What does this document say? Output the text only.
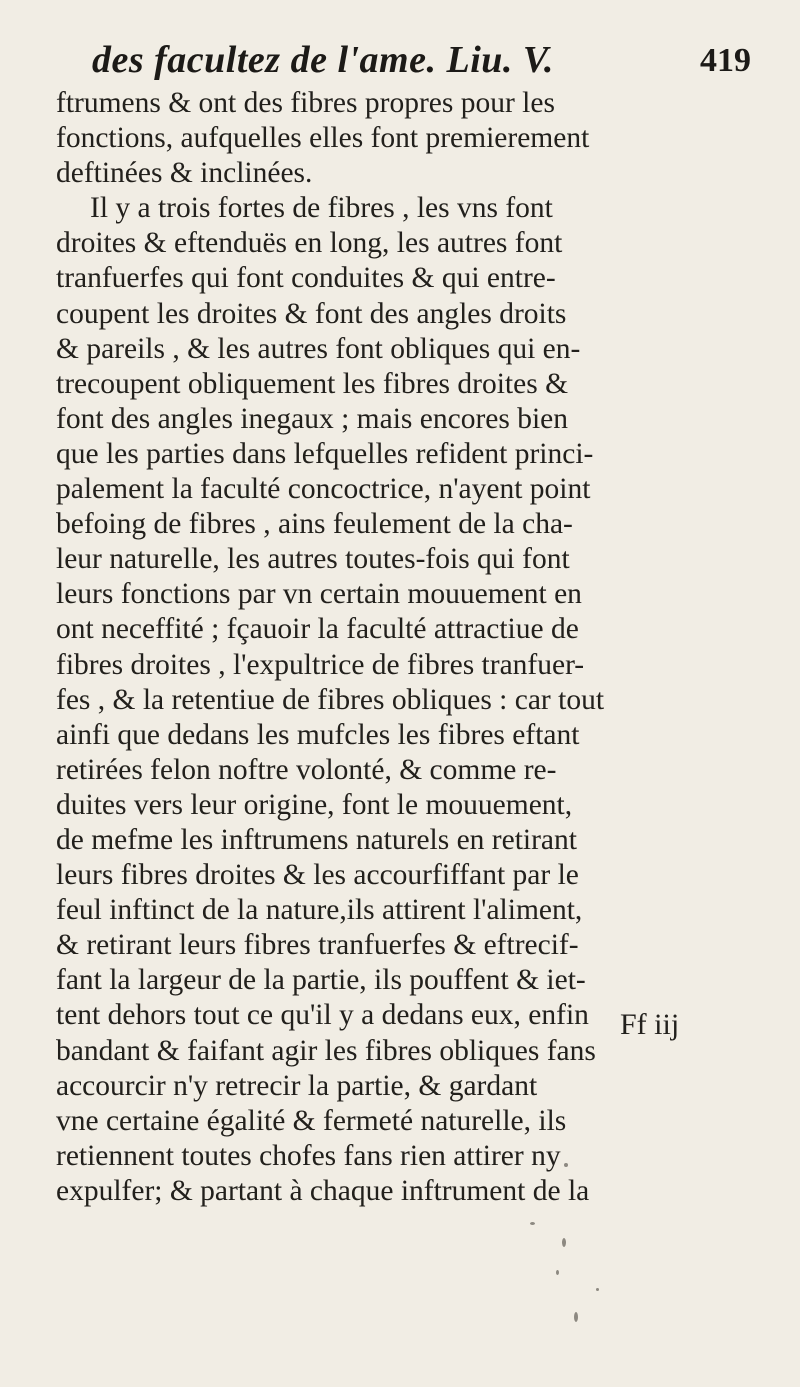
des facultez de l'ame. Liu. V.	419
ftrumens & ont des fibres propres pour les
fonctions, aufquelles elles font premierement
deftinées & inclinées.
Il y a trois fortes de fibres , les vns font
droites & eftenduës en long, les autres font
tranfuerfes qui font conduites & qui entre-
coupent les droites & font des angles droits
& pareils , & les autres font obliques qui en-
trecoupent obliquement les fibres droites &
font des angles inegaux ; mais encores bien
que les parties dans lefquelles refident princi-
palement la faculté concoctrice, n'ayent point
befoing de fibres , ains feulement de la cha-
leur naturelle, les autres toutes-fois qui font
leurs fonctions par vn certain mouuement en
ont neceffité ; fçauoir la faculté attractiue de
fibres droites , l'expultrice de fibres tranfuer-
fes , & la retentiue de fibres obliques : car tout
ainfi que dedans les mufcles les fibres eftant
retirées felon noftre volonté, & comme re-
duites vers leur origine, font le mouuement,
de mefme les inftrumens naturels en retirant
leurs fibres droites & les accourfiffant par le
feul inftinct de la nature,ils attirent l'aliment,
& retirant leurs fibres tranfuerfes & eftrecif-
fant la largeur de la partie, ils pouffent & iet-
tent dehors tout ce qu'il y a dedans eux, enfin
bandant & faifant agir les fibres obliques fans
accourcir n'y retrecir la partie, & gardant
vne certaine égalité & fermeté naturelle, ils
retiennent toutes chofes fans rien attirer ny
expulfer; & partant à chaque inftrument de la
Ff iij
